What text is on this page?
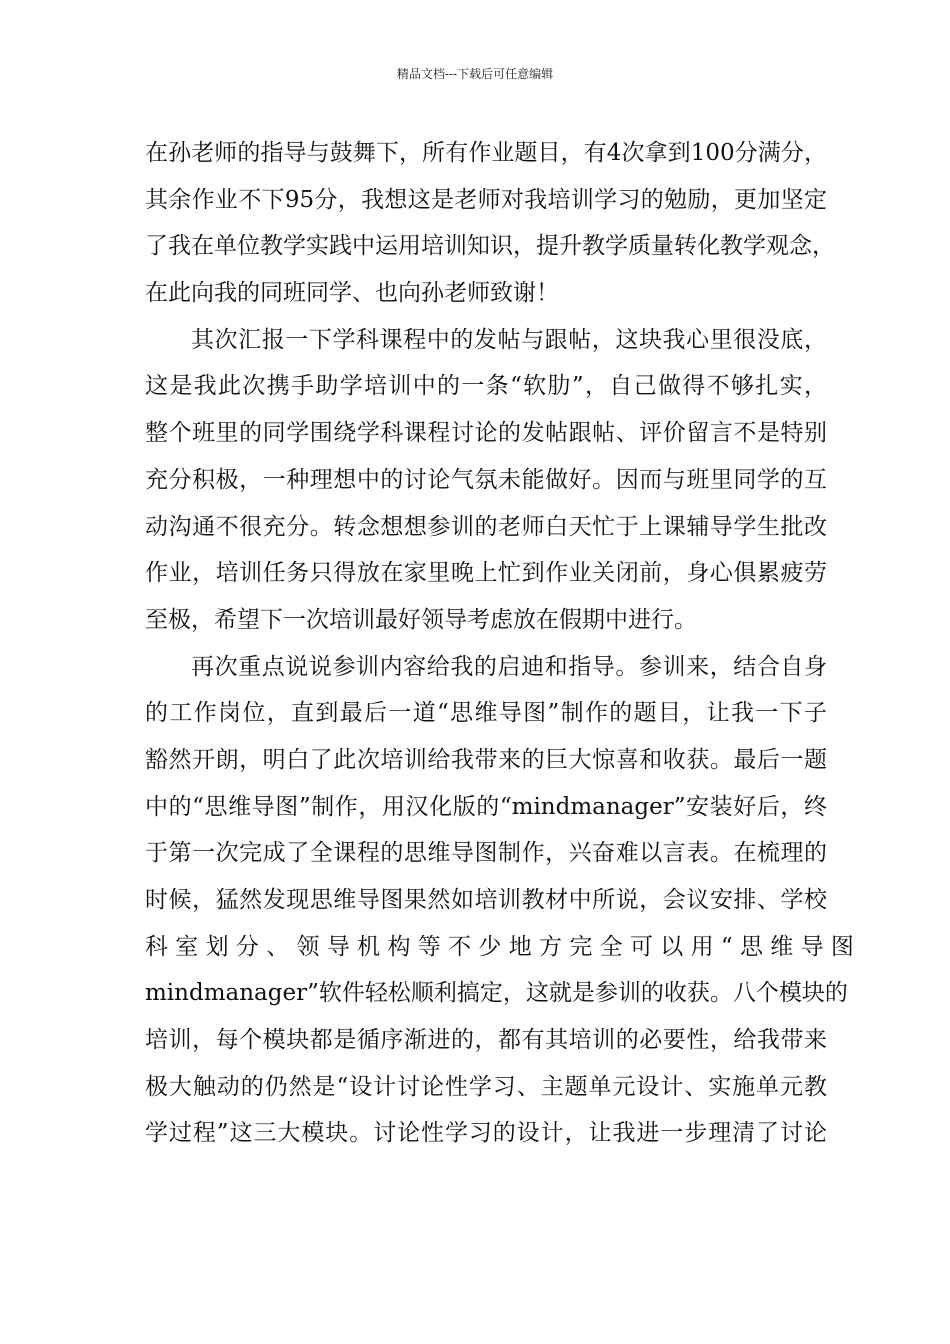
精品文档---下载后可任意编辑
在孙老师的指导与鼓舞下，所有作业题目，有4次拿到100分满分，
其余作业不下95分，我想这是老师对我培训学习的勉励，更加坚定
了我在单位教学实践中运用培训知识，提升教学质量转化教学观念，
在此向我的同班同学、也向孙老师致谢！
其次汇报一下学科课程中的发帖与跟帖，这块我心里很没底，
这是我此次携手助学培训中的一条“软肋”，自己做得不够扎实，
整个班里的同学围绕学科课程讨论的发帖跟帖、评价留言不是特别
充分积极，一种理想中的讨论气氛未能做好。因而与班里同学的互
动沟通不很充分。转念想想参训的老师白天忙于上课辅导学生批改
作业，培训任务只得放在家里晚上忙到作业关闭前，身心俱累疲劳
至极，希望下一次培训最好领导考虑放在假期中进行。
再次重点说说参训内容给我的启迪和指导。参训来，结合自身
的工作岗位，直到最后一道“思维导图”制作的题目，让我一下子
豁然开朗，明白了此次培训给我带来的巨大惊喜和收获。最后一题
中的“思维导图”制作，用汉化版的“mindmanager”安装好后，终
于第一次完成了全课程的思维导图制作，兴奋难以言表。在梳理的
时候，猛然发现思维导图果然如培训教材中所说，会议安排、学校
科 室 划 分 、 领 导 机 构 等 不 少 地 方 完 全 可 以 用 “ 思 维 导 图
mindmanager”软件轻松顺利搞定，这就是参训的收获。八个模块的
培训，每个模块都是循序渐进的，都有其培训的必要性，给我带来
极大触动的仍然是“设计讨论性学习、主题单元设计、实施单元教
学过程”这三大模块。讨论性学习的设计，让我进一步理清了讨论
